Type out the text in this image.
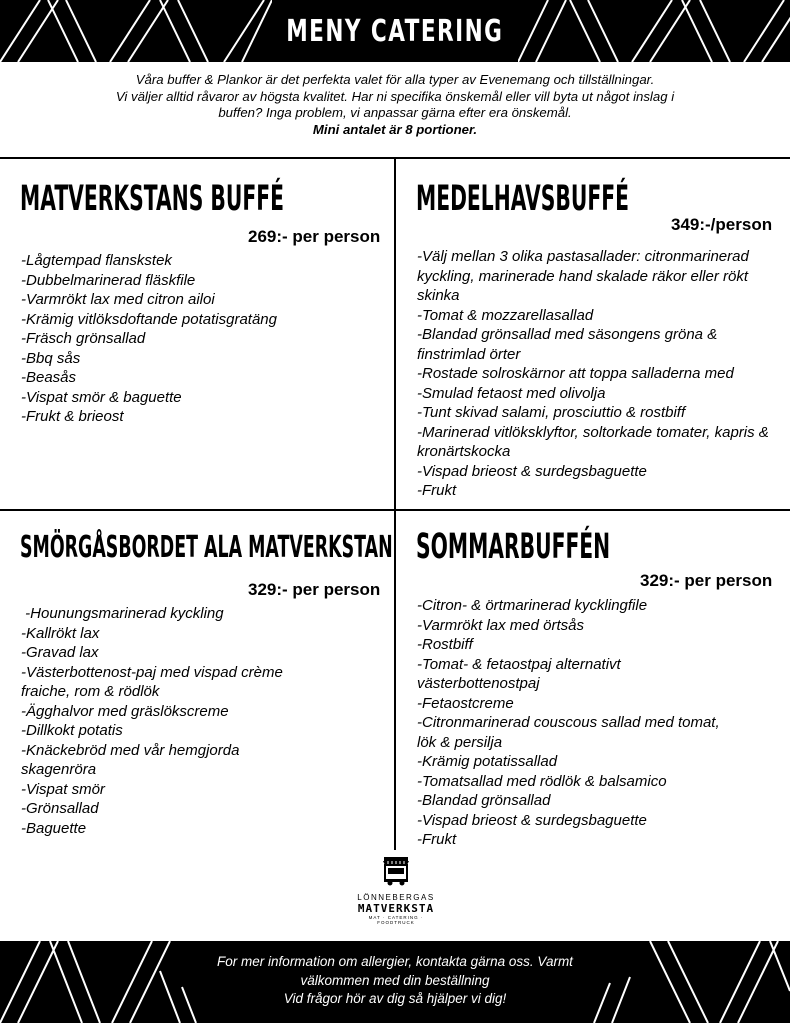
MENY CATERING
Våra buffer & Plankor är det perfekta valet för alla typer av Evenemang och tillställningar.
Vi väljer alltid råvaror av högsta kvalitet. Har ni specifika önskemål eller vill byta ut något inslag i
buffen? Inga problem, vi anpassar gärna efter era önskemål.
Mini antalet är 8 portioner.
MATVERKSTANS BUFFÉ
269:- per person
-Lågtempad flanskstek
-Dubbelmarinerad fläskfile
-Varmrökt lax med citron ailoi
-Krämig vitlöksdoftande potatisgratäng
-Fräsch grönsallad
-Bbq sås
-Beasås
-Vispat smör & baguette
-Frukt & brieost
MEDELHAVSBUFFÉ
349:-/person
-Välj mellan 3 olika pastasallader: citronmarinerad
kyckling, marinerade hand skalade räkor eller rökt
skinka
-Tomat & mozzarellasallad
-Blandad grönsallad med säsongens gröna &
finstrimlad örter
-Rostade solroskärnor att toppa salladerna med
-Smulad fetaost med olivolja
-Tunt skivad salami, prosciuttio & rostbiff
-Marinerad vitlöksklyftor, soltorkade tomater, kapris &
kronärtskocka
-Vispad brieost & surdegsbaguette
-Frukt
SMÖRGÅSBORDET ALA MATVERKSTAN
329:- per person
-Hounungsmarinerad kyckling
-Kallrökt lax
-Gravad lax
-Västerbottenost-paj med vispad crème
fraiche, rom & rödlök
-Ägghalvor med gräslökscreme
-Dillkokt potatis
-Knäckebröd med vår hemgjorda
skagenröra
-Vispat smör
-Grönsallad
-Baguette
SOMMARBUFFÉN
329:- per person
-Citron- & örtmarinerad kycklingfile
-Varmrökt lax med örtsås
-Rostbiff
-Tomat- & fetaostpaj alternativt
västerbottenostpaj
-Fetaostcreme
-Citronmarinerad couscous sallad med tomat,
lök & persilja
-Krämig potatissallad
-Tomatsallad med rödlök & balsamico
-Blandad grönsallad
-Vispad brieost & surdegsbaguette
-Frukt
LÖNNEBERGAS
MATVERKSTA
MAT · CATERING · FOODTRUCK
For mer information om allergier, kontakta gärna oss. Varmt
välkommen med din beställning
Vid frågor hör av dig så hjälper vi dig!
